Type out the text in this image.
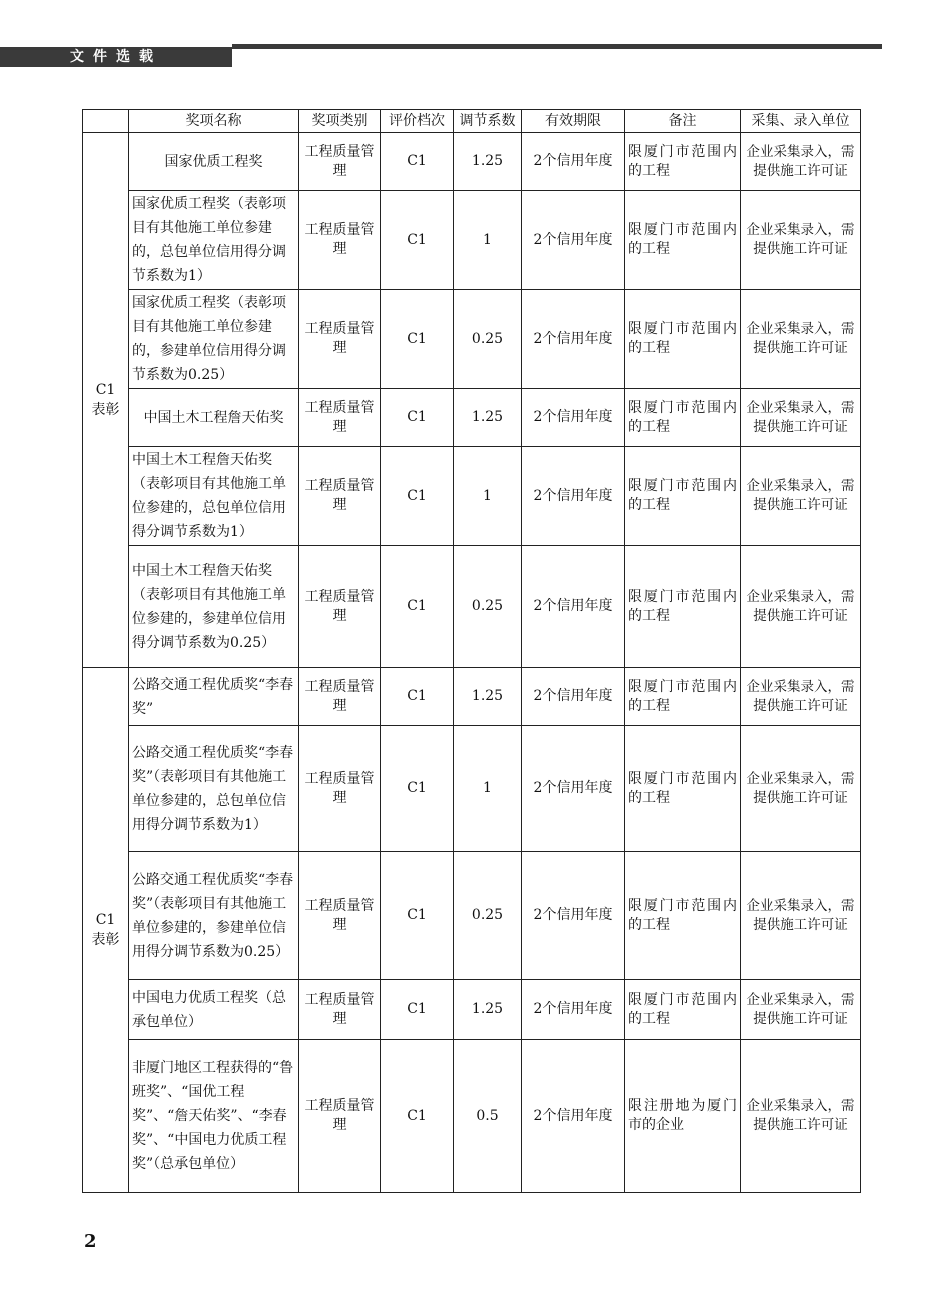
文件选载
	奖项名称	奖项类别	评价档次	调节系数	有效期限	备注	采集、录入单位

C1
表彰	国家优质工程奖	工程质量管理	C1	1.25	2个信用年度	限厦门市范围内的工程	企业采集录入，需提供施工许可证
	国家优质工程奖（表彰项目有其他施工单位参建的，总包单位信用得分调节系数为1）	工程质量管理	C1	1	2个信用年度	限厦门市范围内的工程	企业采集录入，需提供施工许可证
	国家优质工程奖（表彰项目有其他施工单位参建的，参建单位信用得分调节系数为0.25）	工程质量管理	C1	0.25	2个信用年度	限厦门市范围内的工程	企业采集录入，需提供施工许可证
	中国土木工程詹天佑奖	工程质量管理	C1	1.25	2个信用年度	限厦门市范围内的工程	企业采集录入，需提供施工许可证
	中国土木工程詹天佑奖（表彰项目有其他施工单位参建的，总包单位信用得分调节系数为1）	工程质量管理	C1	1	2个信用年度	限厦门市范围内的工程	企业采集录入，需提供施工许可证
	中国土木工程詹天佑奖（表彰项目有其他施工单位参建的，参建单位信用得分调节系数为0.25）	工程质量管理	C1	0.25	2个信用年度	限厦门市范围内的工程	企业采集录入，需提供施工许可证

C1
表彰	公路交通工程优质奖“李春奖”	工程质量管理	C1	1.25	2个信用年度	限厦门市范围内的工程	企业采集录入，需提供施工许可证
	公路交通工程优质奖“李春奖”（表彰项目有其他施工单位参建的，总包单位信用得分调节系数为1）	工程质量管理	C1	1	2个信用年度	限厦门市范围内的工程	企业采集录入，需提供施工许可证
	公路交通工程优质奖“李春奖”（表彰项目有其他施工单位参建的，参建单位信用得分调节系数为0.25）	工程质量管理	C1	0.25	2个信用年度	限厦门市范围内的工程	企业采集录入，需提供施工许可证
	中国电力优质工程奖（总承包单位）	工程质量管理	C1	1.25	2个信用年度	限厦门市范围内的工程	企业采集录入，需提供施工许可证
	非厦门地区工程获得的“鲁班奖”、“国优工程奖”、“詹天佑奖”、“李春奖”、“中国电力优质工程奖”（总承包单位）	工程质量管理	C1	0.5	2个信用年度	限注册地为厦门市的企业	企业采集录入，需提供施工许可证
2
